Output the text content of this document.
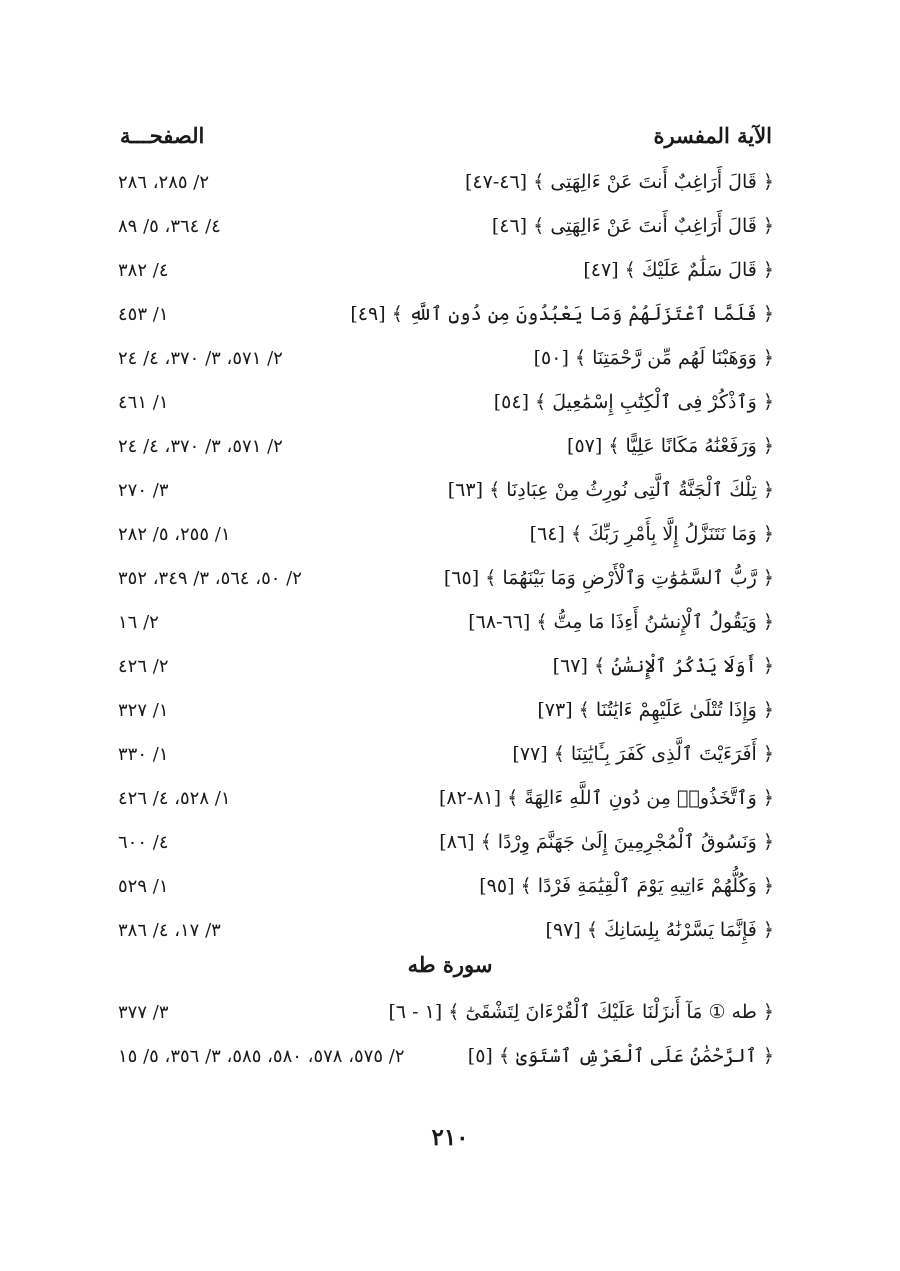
الآية المفسرة
الصفحـــة
﴿ قَالَ أَرَاغِبٌ أَنتَ عَنْ ءَالِهَتِى ﴾ [٤٦-٤٧]
٢/ ٢٨٥، ٢٨٦
﴿ قَالَ أَرَاغِبٌ أَنتَ عَنْ ءَالِهَتِى ﴾ [٤٦]
٤/ ٣٦٤، ٥/ ٨٩
﴿ قَالَ سَلَٰمٌ عَلَيْكَ ﴾ [٤٧]
٤/ ٣٨٢
﴿ فَلَمَّا ٱعْتَزَلَهُمْ وَمَا يَعْبُدُونَ مِن دُونِ ٱللَّهِ ﴾ [٤٩]
١/ ٤٥٣
﴿ وَوَهَبْنَا لَهُم مِّن رَّحْمَتِنَا ﴾ [٥٠]
٢/ ٥٧١، ٣/ ٣٧٠، ٤/ ٢٤
﴿ وَٱذْكُرْ فِى ٱلْكِتَٰبِ إِسْمَٰعِيلَ ﴾ [٥٤]
١/ ٤٦١
﴿ وَرَفَعْنَٰهُ مَكَانًا عَلِيًّا ﴾ [٥٧]
٢/ ٥٧١، ٣/ ٣٧٠، ٤/ ٢٤
﴿ تِلْكَ ٱلْجَنَّةُ ٱلَّتِى نُورِثُ مِنْ عِبَادِنَا ﴾ [٦٣]
٣/ ٢٧٠
﴿ وَمَا نَتَنَزَّلُ إِلَّا بِأَمْرِ رَبِّكَ ﴾ [٦٤]
١/ ٢٥٥، ٥/ ٢٨٢
﴿ رَّبُّ ٱلسَّمَٰوَٰتِ وَٱلْأَرْضِ وَمَا بَيْنَهُمَا ﴾ [٦٥]
٢/ ٥٠، ٥٦٤، ٣/ ٣٤٩، ٣٥٢
﴿ وَيَقُولُ ٱلْإِنسَٰنُ أَءِذَا مَا مِتُّ ﴾ [٦٦-٦٨]
٢/ ١٦
﴿ أَوَلَا يَذْكُرُ ٱلْإِنسَٰنُ ﴾ [٦٧]
٢/ ٤٢٦
﴿ وَإِذَا تُتْلَىٰ عَلَيْهِمْ ءَايَٰتُنَا ﴾ [٧٣]
١/ ٣٢٧
﴿ أَفَرَءَيْتَ ٱلَّذِى كَفَرَ بِـَٔايَٰتِنَا ﴾ [٧٧]
١/ ٣٣٠
﴿ وَٱتَّخَذُوا۟ مِن دُونِ ٱللَّهِ ءَالِهَةً ﴾ [٨١-٨٢]
١/ ٥٢٨، ٤/ ٤٢٦
﴿ وَنَسُوقُ ٱلْمُجْرِمِينَ إِلَىٰ جَهَنَّمَ وِرْدًا ﴾ [٨٦]
٤/ ٦٠٠
﴿ وَكُلُّهُمْ ءَاتِيهِ يَوْمَ ٱلْقِيَٰمَةِ فَرْدًا ﴾ [٩٥]
١/ ٥٢٩
﴿ فَإِنَّمَا يَسَّرْنَٰهُ بِلِسَانِكَ ﴾ [٩٧]
٣/ ١٧، ٤/ ٣٨٦
سورة طه
﴿ طه ① مَآ أَنزَلْنَا عَلَيْكَ ٱلْقُرْءَانَ لِتَشْقَىٰٓ ﴾ [١ - ٦]
٣/ ٣٧٧
﴿ ٱلرَّحْمَٰنُ عَلَى ٱلْعَرْشِ ٱسْتَوَىٰ ﴾ [٥]
٢/ ٥٧٥، ٥٧٨، ٥٨٠، ٥٨٥، ٣/ ٣٥٦، ٥/ ١٥
٢١٠
